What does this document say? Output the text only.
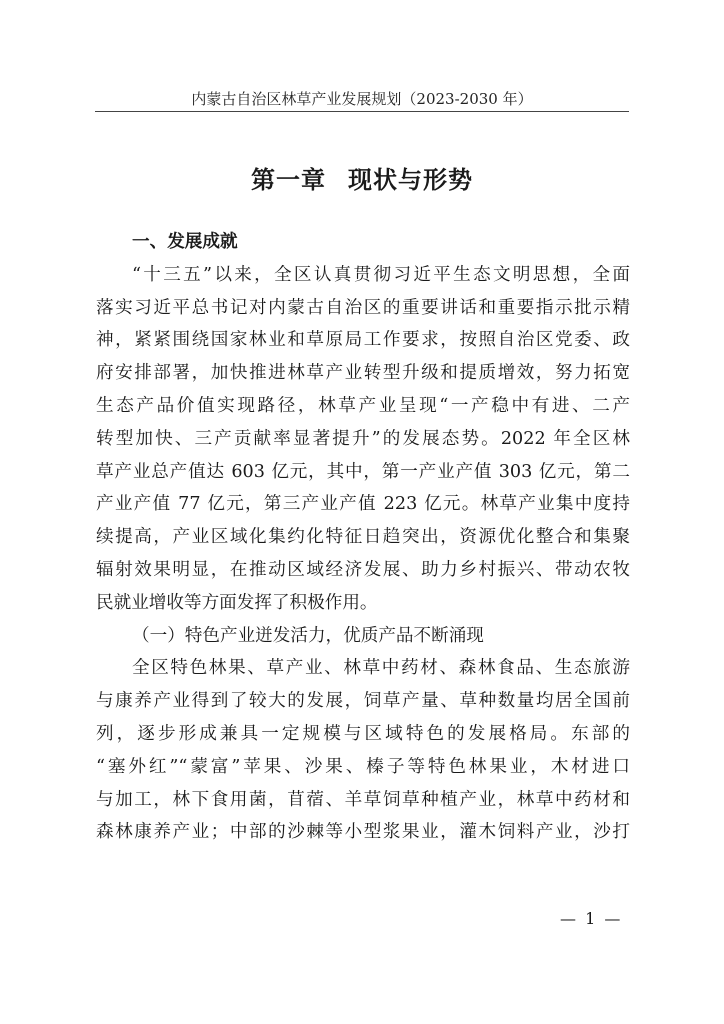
内蒙古自治区林草产业发展规划（2023-2030 年）
第一章 现状与形势
一、发展成就
“十三五”以来，全区认真贯彻习近平生态文明思想，全面
落实习近平总书记对内蒙古自治区的重要讲话和重要指示批示精
神，紧紧围绕国家林业和草原局工作要求，按照自治区党委、政
府安排部署，加快推进林草产业转型升级和提质增效，努力拓宽
生态产品价值实现路径，林草产业呈现“一产稳中有进、二产
转型加快、三产贡献率显著提升”的发展态势。2022 年全区林
草产业总产值达 603 亿元，其中，第一产业产值 303 亿元，第二
产业产值 77 亿元，第三产业产值 223 亿元。林草产业集中度持
续提高，产业区域化集约化特征日趋突出，资源优化整合和集聚
辐射效果明显，在推动区域经济发展、助力乡村振兴、带动农牧
民就业增收等方面发挥了积极作用。
（一）特色产业迸发活力，优质产品不断涌现
全区特色林果、草产业、林草中药材、森林食品、生态旅游
与康养产业得到了较大的发展，饲草产量、草种数量均居全国前
列，逐步形成兼具一定规模与区域特色的发展格局。东部的
“塞外红”“蒙富”苹果、沙果、榛子等特色林果业，木材进口
与加工，林下食用菌，苜蓿、羊草饲草种植产业，林草中药材和
森林康养产业；中部的沙棘等小型浆果业，灌木饲料产业，沙打
— 1 —
